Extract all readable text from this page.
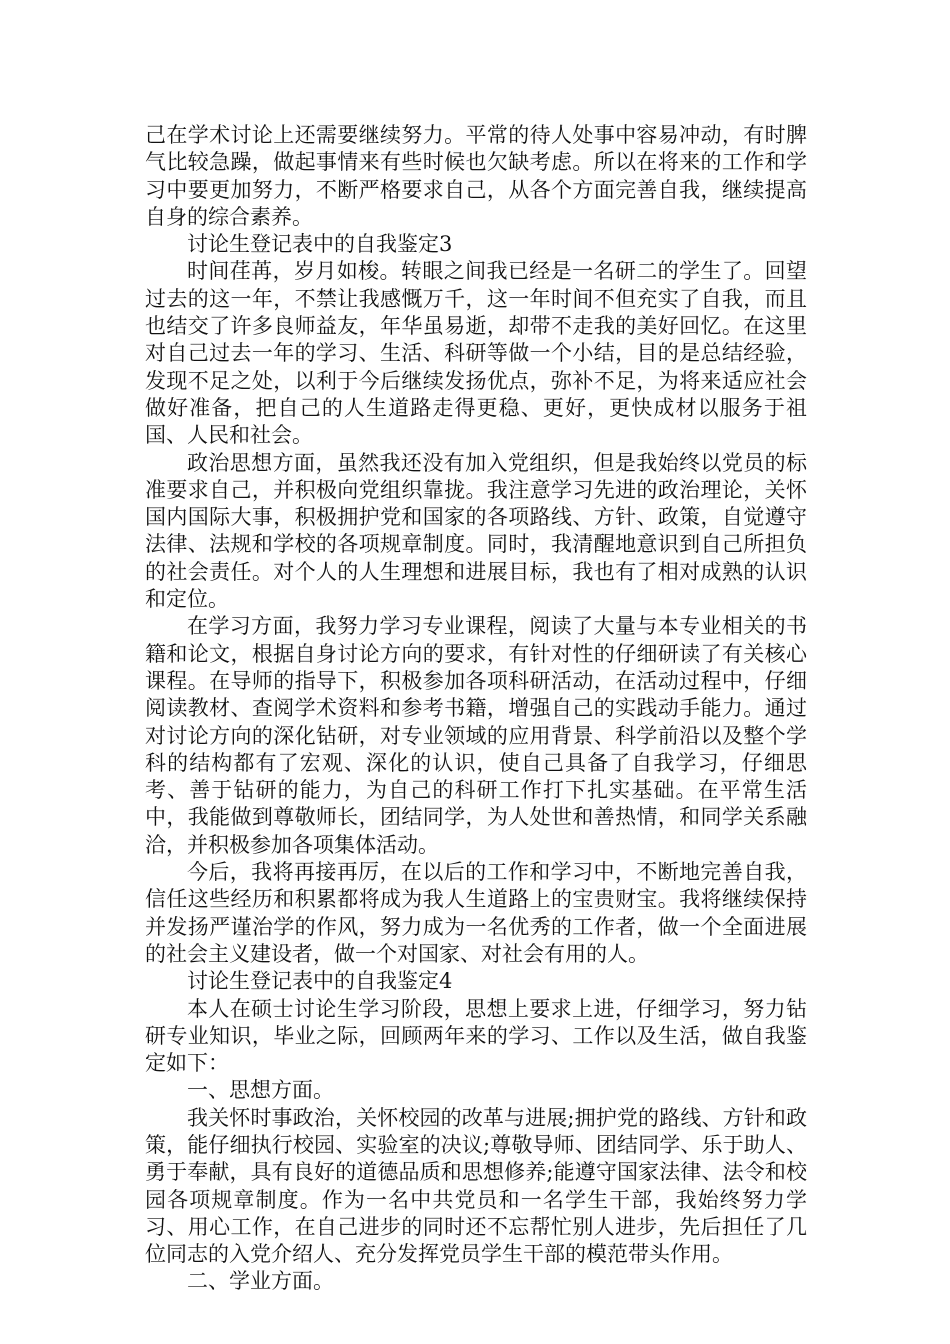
己在学术讨论上还需要继续努力。平常的待人处事中容易冲动，有时脾气比较急躁，做起事情来有些时候也欠缺考虑。所以在将来的工作和学习中要更加努力，不断严格要求自己，从各个方面完善自我，继续提高自身的综合素养。

讨论生登记表中的自我鉴定3

时间荏苒，岁月如梭。转眼之间我已经是一名研二的学生了。回望过去的这一年，不禁让我感慨万千，这一年时间不但充实了自我，而且也结交了许多良师益友，年华虽易逝，却带不走我的美好回忆。在这里对自己过去一年的学习、生活、科研等做一个小结，目的是总结经验，发现不足之处，以利于今后继续发扬优点，弥补不足，为将来适应社会做好准备，把自己的人生道路走得更稳、更好，更快成材以服务于祖国、人民和社会。

政治思想方面，虽然我还没有加入党组织，但是我始终以党员的标准要求自己，并积极向党组织靠拢。我注意学习先进的政治理论，关怀国内国际大事，积极拥护党和国家的各项路线、方针、政策，自觉遵守法律、法规和学校的各项规章制度。同时，我清醒地意识到自己所担负的社会责任。对个人的人生理想和进展目标，我也有了相对成熟的认识和定位。

在学习方面，我努力学习专业课程，阅读了大量与本专业相关的书籍和论文，根据自身讨论方向的要求，有针对性的仔细研读了有关核心课程。在导师的指导下，积极参加各项科研活动，在活动过程中，仔细阅读教材、查阅学术资料和参考书籍，增强自己的实践动手能力。通过对讨论方向的深化钻研，对专业领域的应用背景、科学前沿以及整个学科的结构都有了宏观、深化的认识，使自己具备了自我学习，仔细思考、善于钻研的能力，为自己的科研工作打下扎实基础。在平常生活中，我能做到尊敬师长，团结同学，为人处世和善热情，和同学关系融洽，并积极参加各项集体活动。

今后，我将再接再厉，在以后的工作和学习中，不断地完善自我，信任这些经历和积累都将成为我人生道路上的宝贵财宝。我将继续保持并发扬严谨治学的作风，努力成为一名优秀的工作者，做一个全面进展的社会主义建设者，做一个对国家、对社会有用的人。

讨论生登记表中的自我鉴定4

本人在硕士讨论生学习阶段，思想上要求上进，仔细学习，努力钻研专业知识，毕业之际，回顾两年来的学习、工作以及生活，做自我鉴定如下：

一、思想方面。

我关怀时事政治，关怀校园的改革与进展;拥护党的路线、方针和政策，能仔细执行校园、实验室的决议;尊敬导师、团结同学、乐于助人、勇于奉献，具有良好的道德品质和思想修养;能遵守国家法律、法令和校园各项规章制度。作为一名中共党员和一名学生干部，我始终努力学习、用心工作，在自己进步的同时还不忘帮忙别人进步，先后担任了几位同志的入党介绍人、充分发挥党员学生干部的模范带头作用。

二、学业方面。
